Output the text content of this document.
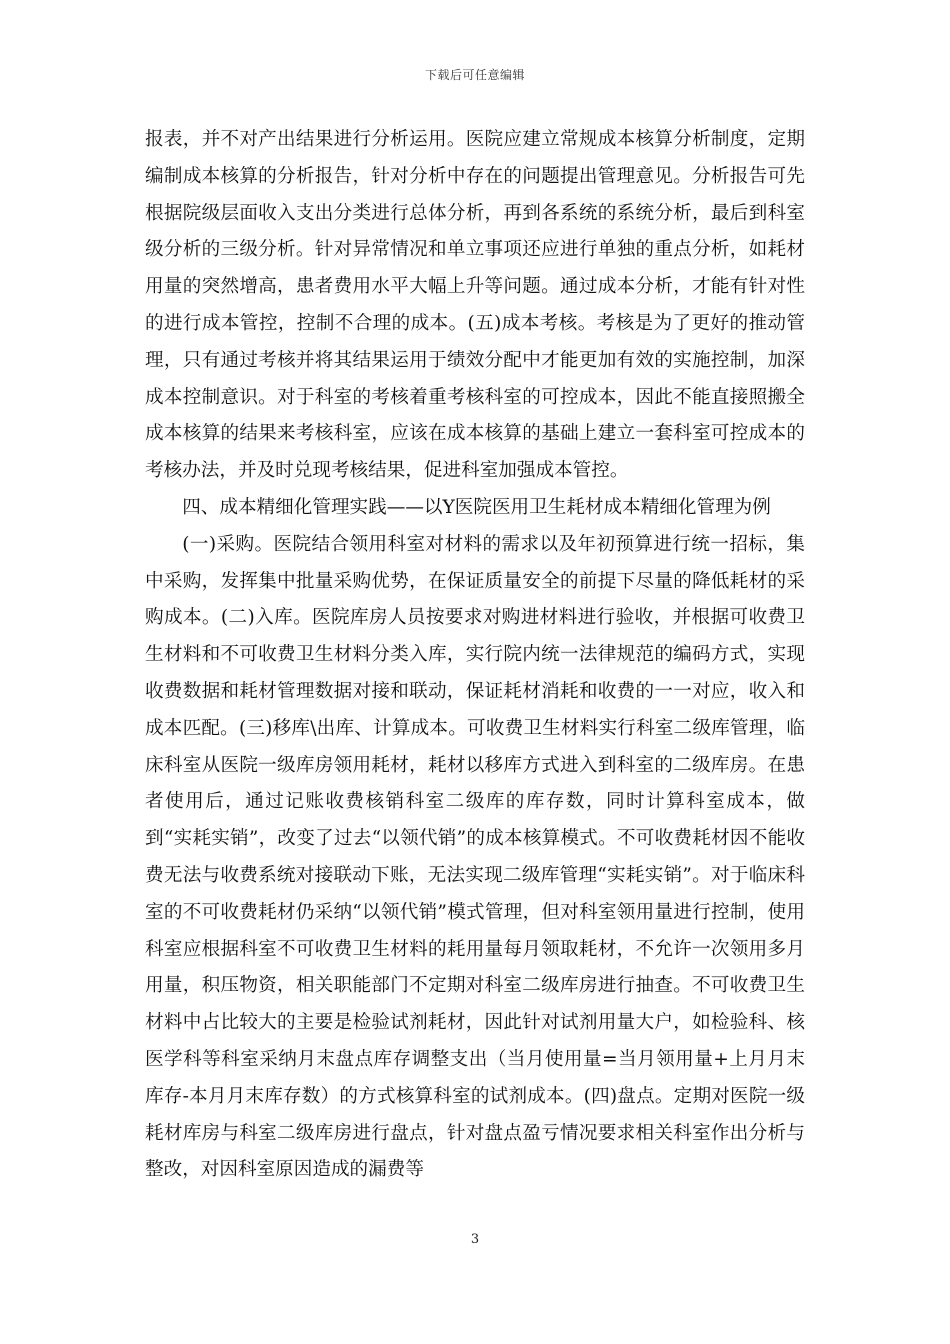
下载后可任意编辑

报表，并不对产出结果进行分析运用。医院应建立常规成本核算分析制度，定期编制成本核算的分析报告，针对分析中存在的问题提出管理意见。分析报告可先根据院级层面收入支出分类进行总体分析，再到各系统的系统分析，最后到科室级分析的三级分析。针对异常情况和单立事项还应进行单独的重点分析，如耗材用量的突然增高，患者费用水平大幅上升等问题。通过成本分析，才能有针对性的进行成本管控，控制不合理的成本。(五)成本考核。考核是为了更好的推动管理，只有通过考核并将其结果运用于绩效分配中才能更加有效的实施控制，加深成本控制意识。对于科室的考核着重考核科室的可控成本，因此不能直接照搬全成本核算的结果来考核科室，应该在成本核算的基础上建立一套科室可控成本的考核办法，并及时兑现考核结果，促进科室加强成本管控。

四、成本精细化管理实践——以Y医院医用卫生耗材成本精细化管理为例

(一)采购。医院结合领用科室对材料的需求以及年初预算进行统一招标，集中采购，发挥集中批量采购优势，在保证质量安全的前提下尽量的降低耗材的采购成本。(二)入库。医院库房人员按要求对购进材料进行验收，并根据可收费卫生材料和不可收费卫生材料分类入库，实行院内统一法律规范的编码方式，实现收费数据和耗材管理数据对接和联动，保证耗材消耗和收费的一一对应，收入和成本匹配。(三)移库\出库、计算成本。可收费卫生材料实行科室二级库管理，临床科室从医院一级库房领用耗材，耗材以移库方式进入到科室的二级库房。在患者使用后，通过记账收费核销科室二级库的库存数，同时计算科室成本，做到“实耗实销”，改变了过去“以领代销”的成本核算模式。不可收费耗材因不能收费无法与收费系统对接联动下账，无法实现二级库管理“实耗实销”。对于临床科室的不可收费耗材仍采纳“以领代销”模式管理，但对科室领用量进行控制，使用科室应根据科室不可收费卫生材料的耗用量每月领取耗材，不允许一次领用多月用量，积压物资，相关职能部门不定期对科室二级库房进行抽查。不可收费卫生材料中占比较大的主要是检验试剂耗材，因此针对试剂用量大户，如检验科、核医学科等科室采纳月末盘点库存调整支出（当月使用量=当月领用量+上月月末库存-本月月末库存数）的方式核算科室的试剂成本。(四)盘点。定期对医院一级耗材库房与科室二级库房进行盘点，针对盘点盈亏情况要求相关科室作出分析与整改，对因科室原因造成的漏费等

3
